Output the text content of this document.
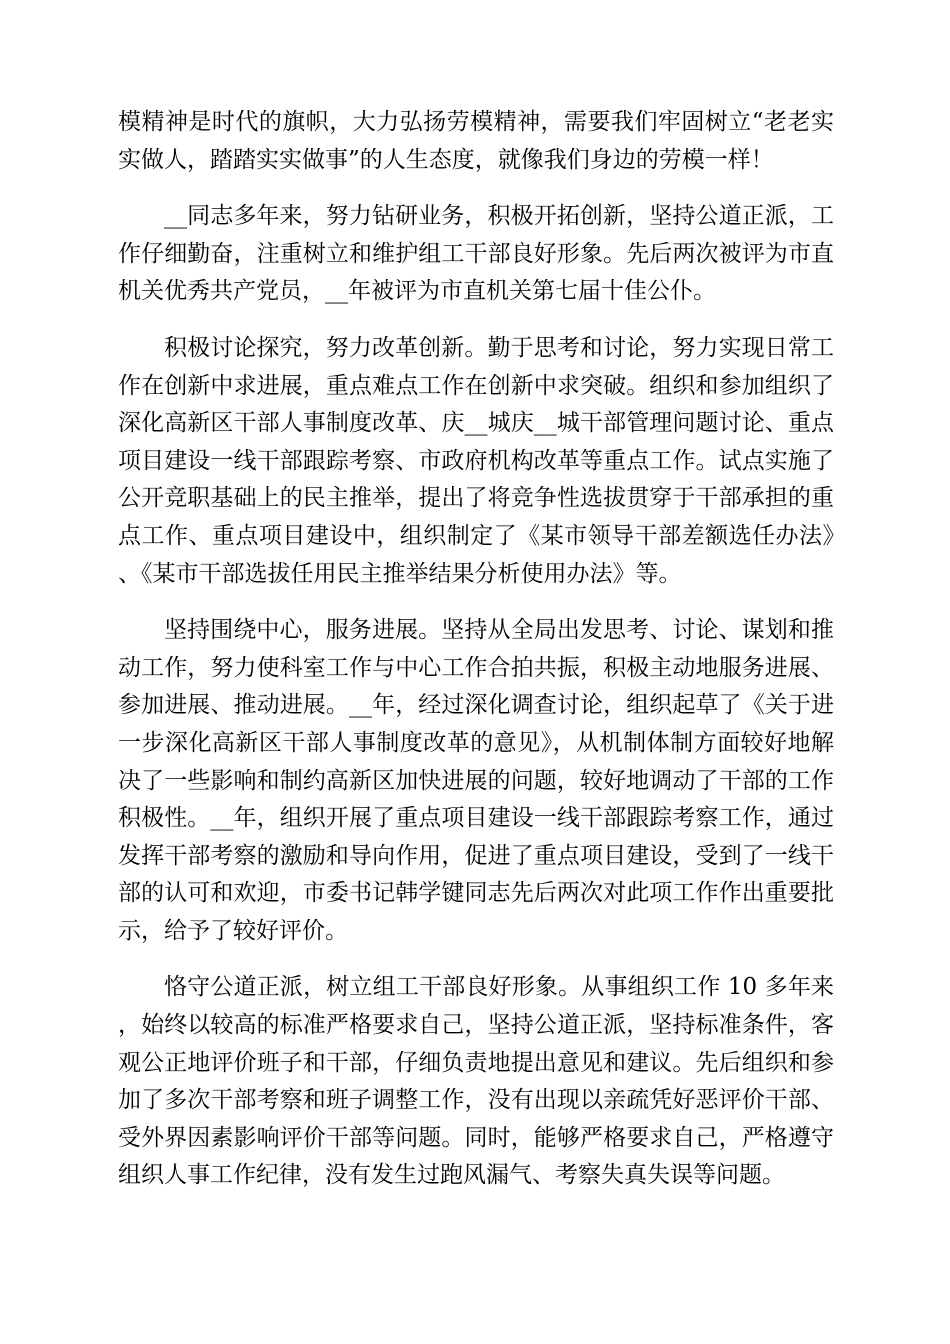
模精神是时代的旗帜，大力弘扬劳模精神，需要我们牢固树立“老老实实做人，踏踏实实做事”的人生态度，就像我们身边的劳模一样！

__同志多年来，努力钻研业务，积极开拓创新，坚持公道正派，工作仔细勤奋，注重树立和维护组工干部良好形象。先后两次被评为市直机关优秀共产党员，__年被评为市直机关第七届十佳公仆。

积极讨论探究，努力改革创新。勤于思考和讨论，努力实现日常工作在创新中求进展，重点难点工作在创新中求突破。组织和参加组织了深化高新区干部人事制度改革、庆__城庆__城干部管理问题讨论、重点项目建设一线干部跟踪考察、市政府机构改革等重点工作。试点实施了公开竞职基础上的民主推举，提出了将竞争性选拔贯穿于干部承担的重点工作、重点项目建设中，组织制定了《某市领导干部差额选任办法》、《某市干部选拔任用民主推举结果分析使用办法》等。

坚持围绕中心，服务进展。坚持从全局出发思考、讨论、谋划和推动工作，努力使科室工作与中心工作合拍共振，积极主动地服务进展、参加进展、推动进展。__年，经过深化调查讨论，组织起草了《关于进一步深化高新区干部人事制度改革的意见》，从机制体制方面较好地解决了一些影响和制约高新区加快进展的问题，较好地调动了干部的工作积极性。__年，组织开展了重点项目建设一线干部跟踪考察工作，通过发挥干部考察的激励和导向作用，促进了重点项目建设，受到了一线干部的认可和欢迎，市委书记韩学键同志先后两次对此项工作作出重要批示，给予了较好评价。

恪守公道正派，树立组工干部良好形象。从事组织工作 10 多年来，始终以较高的标准严格要求自己，坚持公道正派，坚持标准条件，客观公正地评价班子和干部，仔细负责地提出意见和建议。先后组织和参加了多次干部考察和班子调整工作，没有出现以亲疏凭好恶评价干部、受外界因素影响评价干部等问题。同时，能够严格要求自己，严格遵守组织人事工作纪律，没有发生过跑风漏气、考察失真失误等问题。
